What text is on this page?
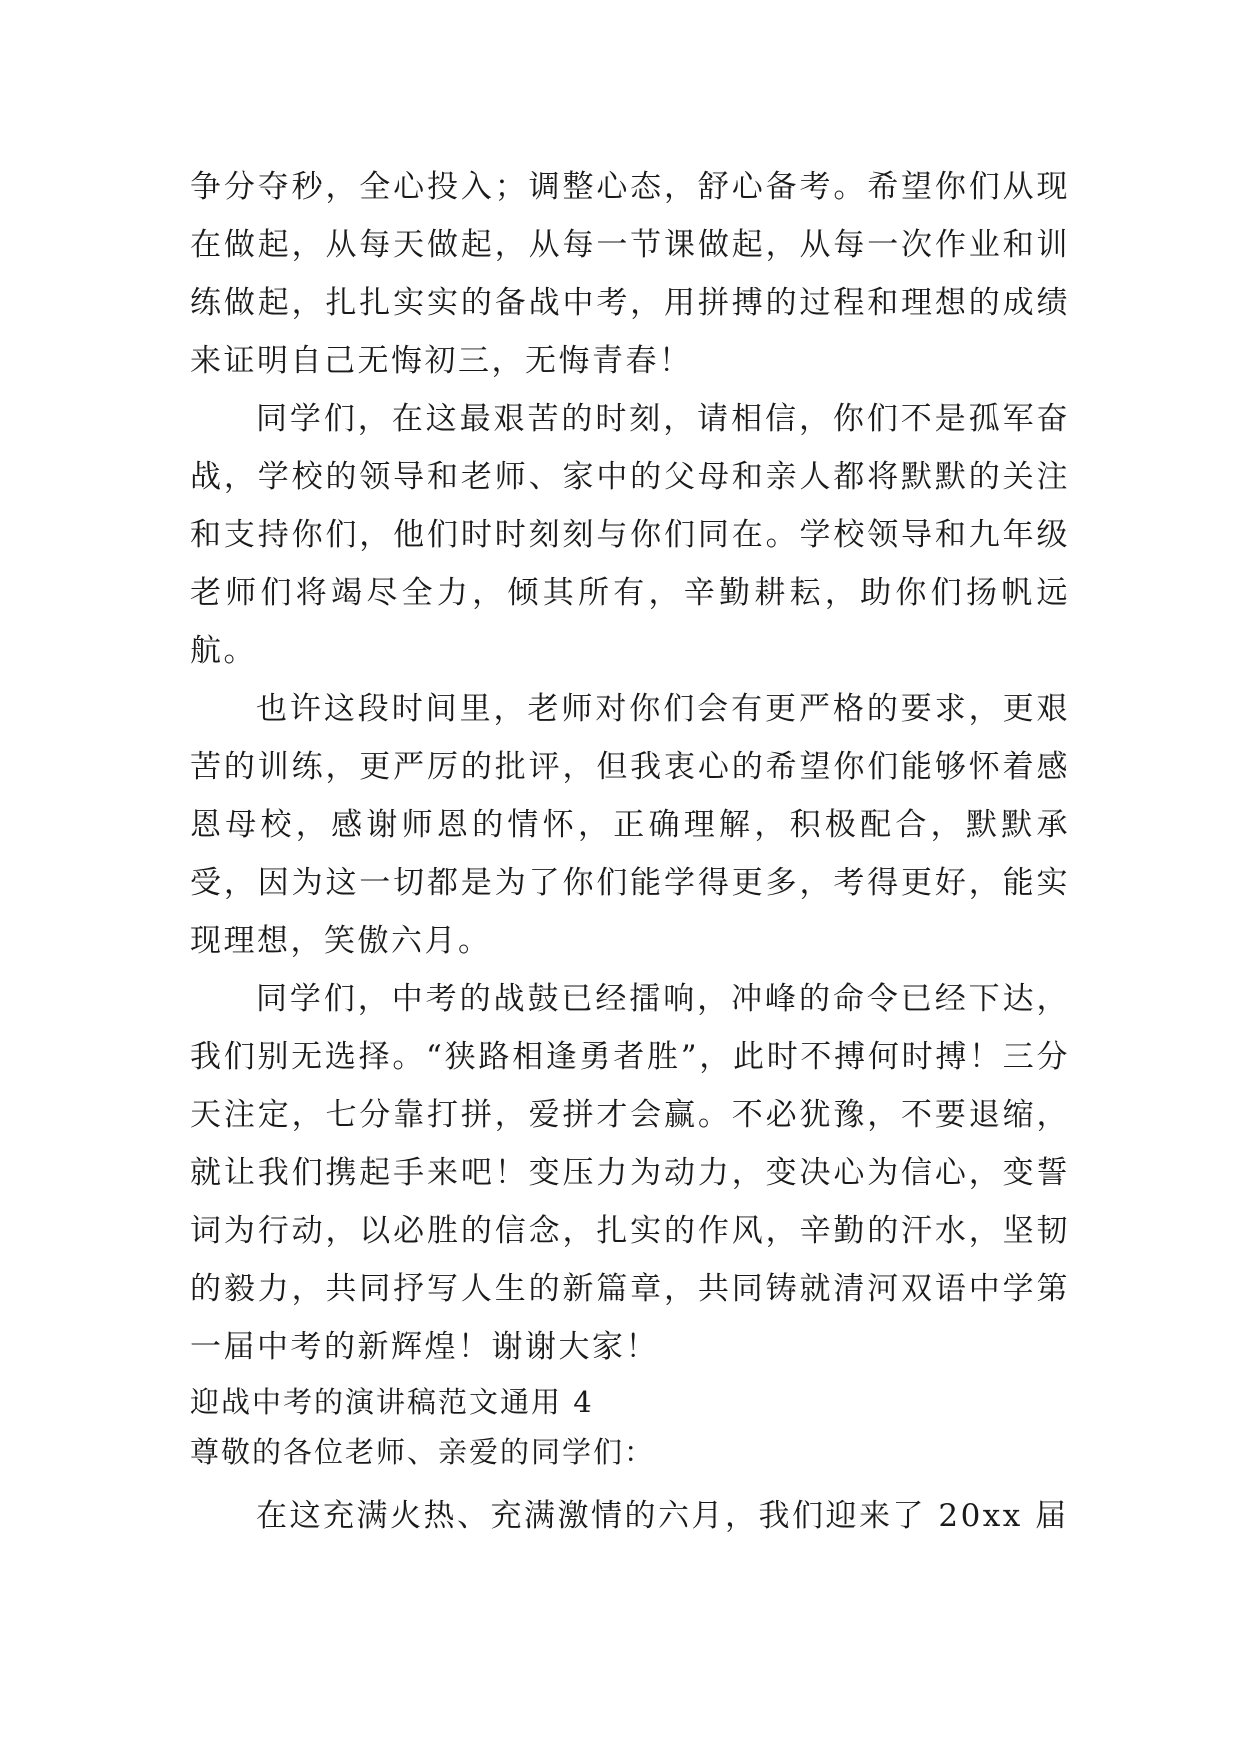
争分夺秒，全心投入；调整心态，舒心备考。希望你们从现在做起，从每天做起，从每一节课做起，从每一次作业和训练做起，扎扎实实的备战中考，用拼搏的过程和理想的成绩来证明自己无悔初三，无悔青春！

同学们，在这最艰苦的时刻，请相信，你们不是孤军奋战，学校的领导和老师、家中的父母和亲人都将默默的关注和支持你们，他们时时刻刻与你们同在。学校领导和九年级老师们将竭尽全力，倾其所有，辛勤耕耘，助你们扬帆远航。

也许这段时间里，老师对你们会有更严格的要求，更艰苦的训练，更严厉的批评，但我衷心的希望你们能够怀着感恩母校，感谢师恩的情怀，正确理解，积极配合，默默承受，因为这一切都是为了你们能学得更多，考得更好，能实现理想，笑傲六月。

同学们，中考的战鼓已经擂响，冲峰的命令已经下达，我们别无选择。“狭路相逢勇者胜”，此时不搏何时搏！三分天注定，七分靠打拼，爱拼才会赢。不必犹豫，不要退缩，就让我们携起手来吧！变压力为动力，变决心为信心，变誓词为行动，以必胜的信念，扎实的作风，辛勤的汗水，坚韧的毅力，共同抒写人生的新篇章，共同铸就清河双语中学第一届中考的新辉煌！谢谢大家！

迎战中考的演讲稿范文通用 4

尊敬的各位老师、亲爱的同学们：

在这充满火热、充满激情的六月，我们迎来了 20xx 届
